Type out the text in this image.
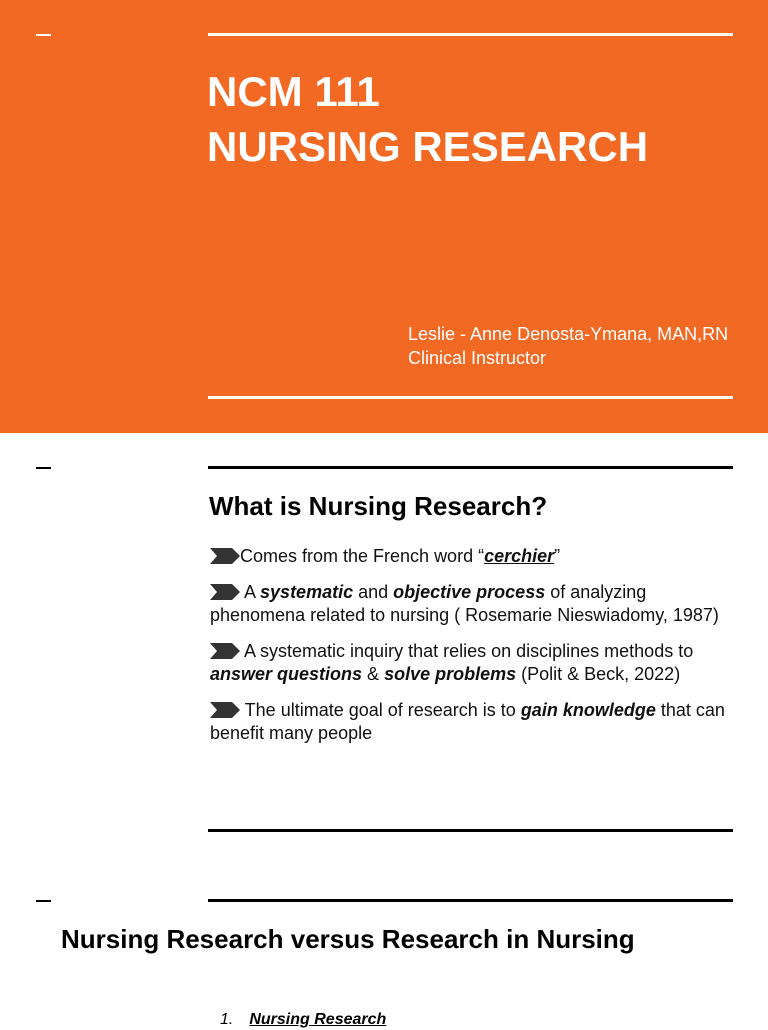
NCM 111
NURSING RESEARCH
Leslie - Anne Denosta-Ymana, MAN,RN
Clinical Instructor
What is Nursing Research?

Comes from the French word “cerchier”

A systematic and objective process of analyzing phenomena related to nursing ( Rosemarie Nieswiadomy, 1987)

A systematic inquiry that relies on disciplines methods to answer questions & solve problems (Polit & Beck, 2022)

The ultimate goal of research is to gain knowledge that can benefit many people

Nursing Research versus Research in Nursing
1. Nursing Research
